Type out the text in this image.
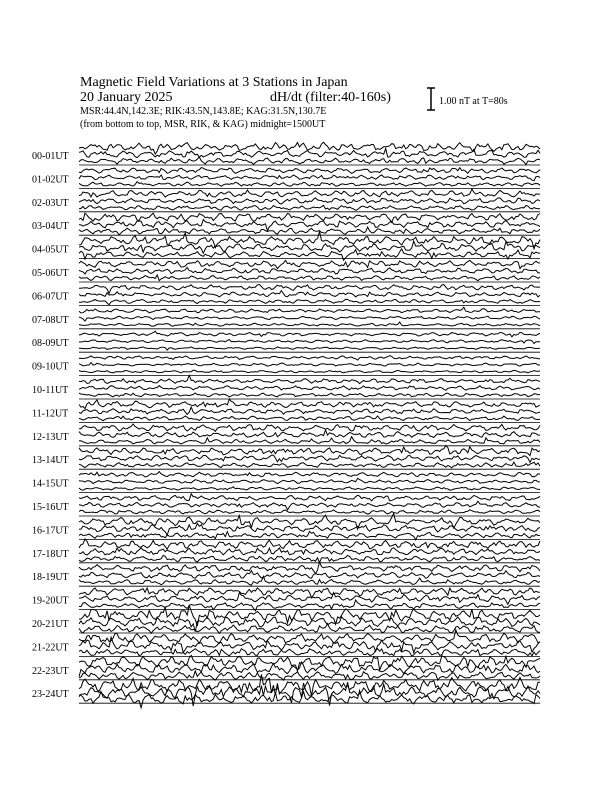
Magnetic Field Variations at 3 Stations in Japan
20 January 2025	dH/dt (filter:40-160s)
MSR:44.4N,142.3E; RIK:43.5N,143.8E; KAG:31.5N,130.7E
(from bottom to top, MSR, RIK, & KAG) midnight=1500UT
1.00 nT at T=80s
00-01UT
01-02UT
02-03UT
03-04UT
04-05UT
05-06UT
06-07UT
07-08UT
08-09UT
09-10UT
10-11UT
11-12UT
12-13UT
13-14UT
14-15UT
15-16UT
16-17UT
17-18UT
18-19UT
19-20UT
20-21UT
21-22UT
22-23UT
23-24UT
